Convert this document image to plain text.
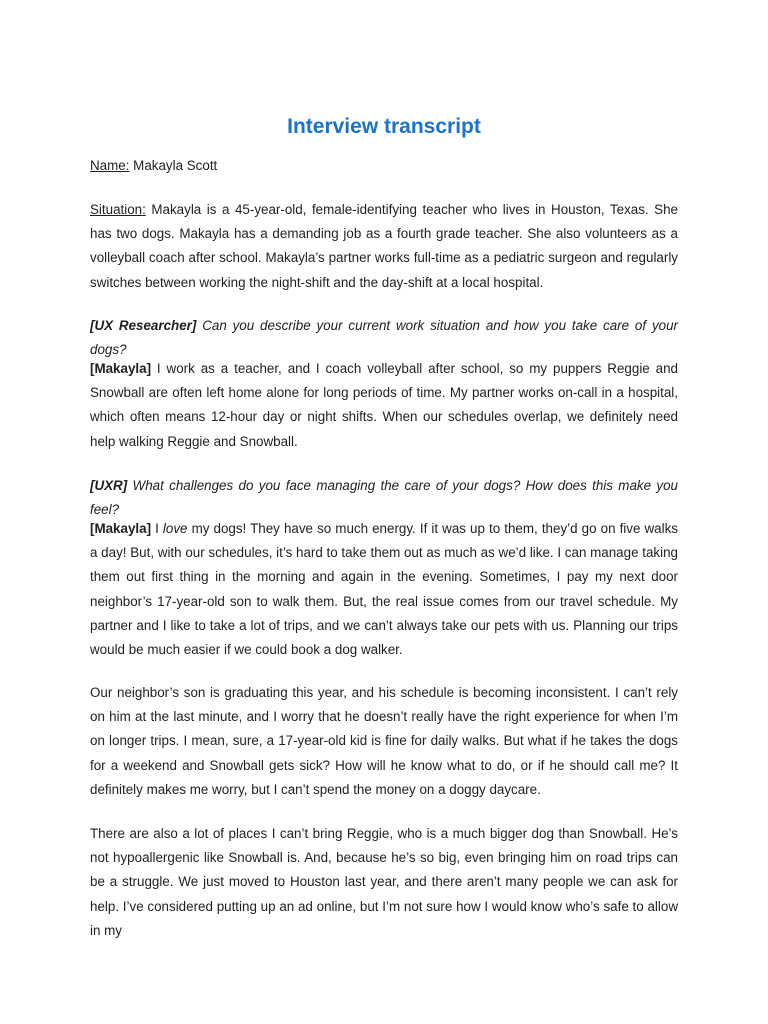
Interview transcript

Name: Makayla Scott

Situation: Makayla is a 45-year-old, female-identifying teacher who lives in Houston, Texas. She has two dogs. Makayla has a demanding job as a fourth grade teacher. She also volunteers as a volleyball coach after school. Makayla’s partner works full-time as a pediatric surgeon and regularly switches between working the night-shift and the day-shift at a local hospital.

[UX Researcher] Can you describe your current work situation and how you take care of your dogs?

[Makayla] I work as a teacher, and I coach volleyball after school, so my puppers Reggie and Snowball are often left home alone for long periods of time. My partner works on-call in a hospital, which often means 12-hour day or night shifts. When our schedules overlap, we definitely need help walking Reggie and Snowball.

[UXR] What challenges do you face managing the care of your dogs? How does this make you feel?

[Makayla] I love my dogs! They have so much energy. If it was up to them, they’d go on five walks a day! But, with our schedules, it’s hard to take them out as much as we’d like. I can manage taking them out first thing in the morning and again in the evening. Sometimes, I pay my next door neighbor’s 17-year-old son to walk them. But, the real issue comes from our travel schedule. My partner and I like to take a lot of trips, and we can’t always take our pets with us. Planning our trips would be much easier if we could book a dog walker.

Our neighbor’s son is graduating this year, and his schedule is becoming inconsistent. I can’t rely on him at the last minute, and I worry that he doesn’t really have the right experience for when I’m on longer trips. I mean, sure, a 17-year-old kid is fine for daily walks. But what if he takes the dogs for a weekend and Snowball gets sick? How will he know what to do, or if he should call me? It definitely makes me worry, but I can’t spend the money on a doggy daycare.

There are also a lot of places I can’t bring Reggie, who is a much bigger dog than Snowball. He’s not hypoallergenic like Snowball is. And, because he’s so big, even bringing him on road trips can be a struggle. We just moved to Houston last year, and there aren’t many people we can ask for help. I’ve considered putting up an ad online, but I’m not sure how I would know who’s safe to allow in my
